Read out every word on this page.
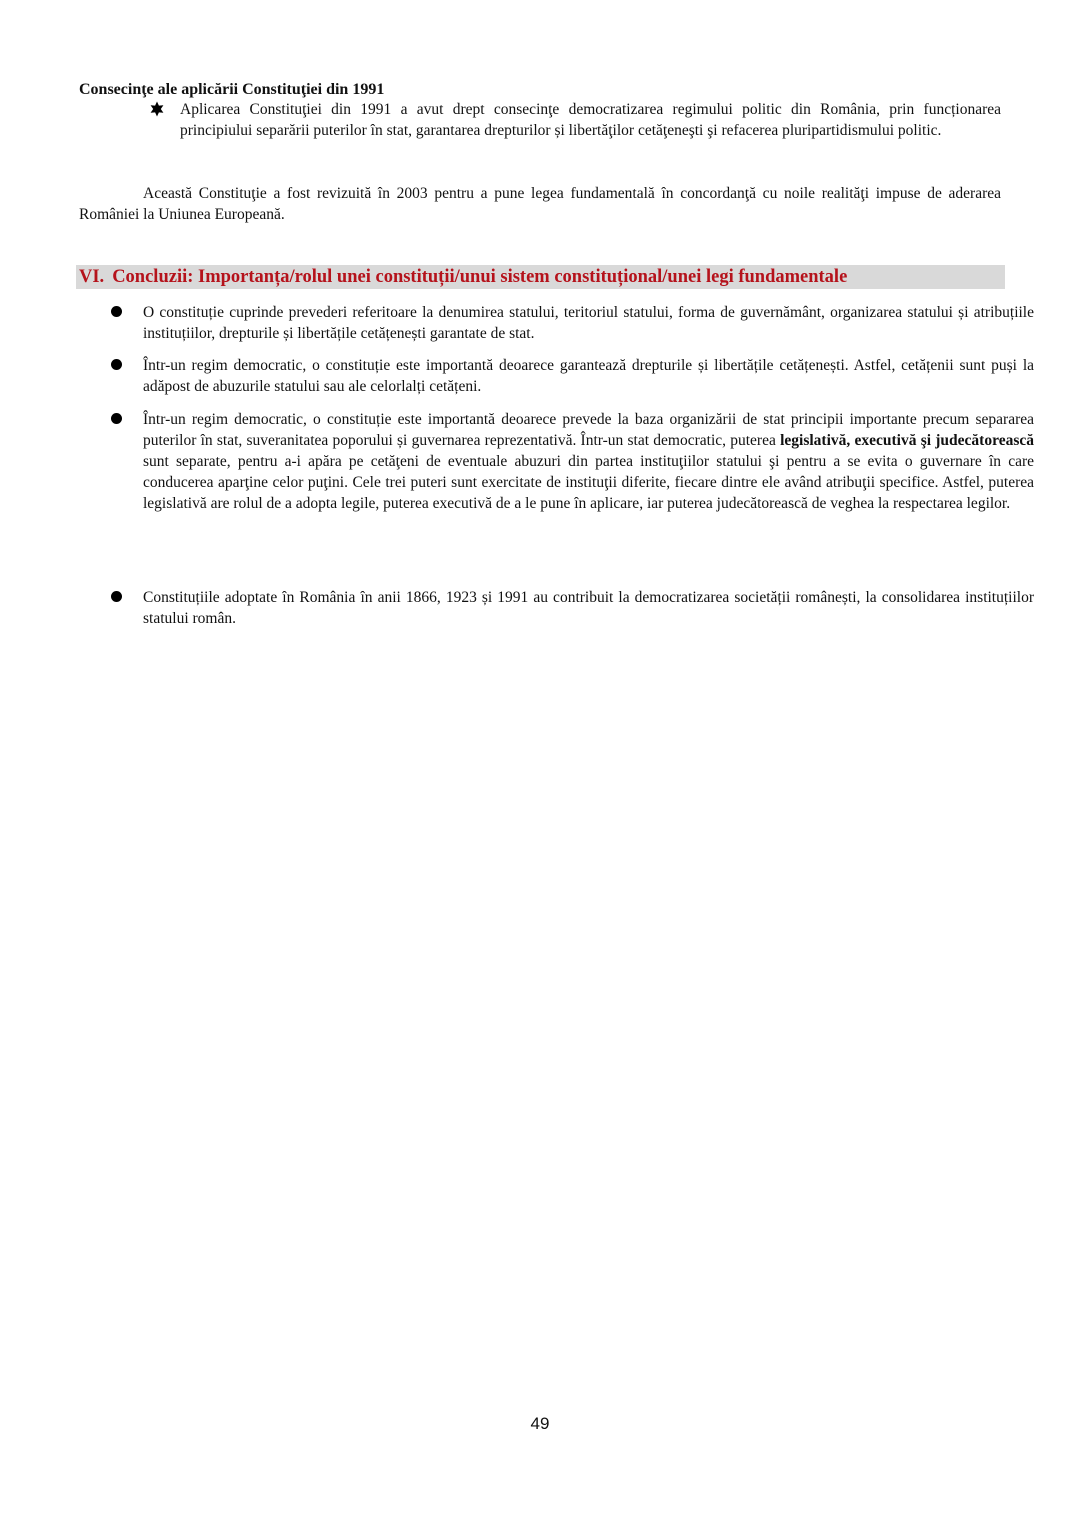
Consecinţe ale aplicării Constituţiei din 1991

Aplicarea Constituţiei din 1991 a avut drept consecinţe democratizarea regimului politic din România, prin funcționarea principiului separării puterilor în stat, garantarea drepturilor și libertăţilor cetăţeneşti şi refacerea pluripartidismului politic.

Această Constituţie a fost revizuită în 2003 pentru a pune legea fundamentală în concordanţă cu noile realităţi impuse de aderarea României la Uniunea Europeană.

VI. Concluzii: Importanța/rolul unei constituții/unui sistem constituțional/unei legi fundamentale

O constituție cuprinde prevederi referitoare la denumirea statului, teritoriul statului, forma de guvernământ, organizarea statului și atribuțiile instituțiilor, drepturile și libertățile cetățenești garantate de stat.

Într-un regim democratic, o constituție este importantă deoarece garantează drepturile și libertățile cetățenești. Astfel, cetățenii sunt puși la adăpost de abuzurile statului sau ale celorlalți cetățeni.

Într-un regim democratic, o constituție este importantă deoarece prevede la baza organizării de stat principii importante precum separarea puterilor în stat, suveranitatea poporului și guvernarea reprezentativă. Într-un stat democratic, puterea legislativă, executivă şi judecătorească sunt separate, pentru a-i apăra pe cetăţeni de eventuale abuzuri din partea instituţiilor statului şi pentru a se evita o guvernare în care conducerea aparţine celor puţini. Cele trei puteri sunt exercitate de instituţii diferite, fiecare dintre ele având atribuţii specifice. Astfel, puterea legislativă are rolul de a adopta legile, puterea executivă de a le pune în aplicare, iar puterea judecătorească de veghea la respectarea legilor.

Constituțiile adoptate în România în anii 1866, 1923 și 1991 au contribuit la democratizarea societății românești, la consolidarea instituțiilor statului român.

49
